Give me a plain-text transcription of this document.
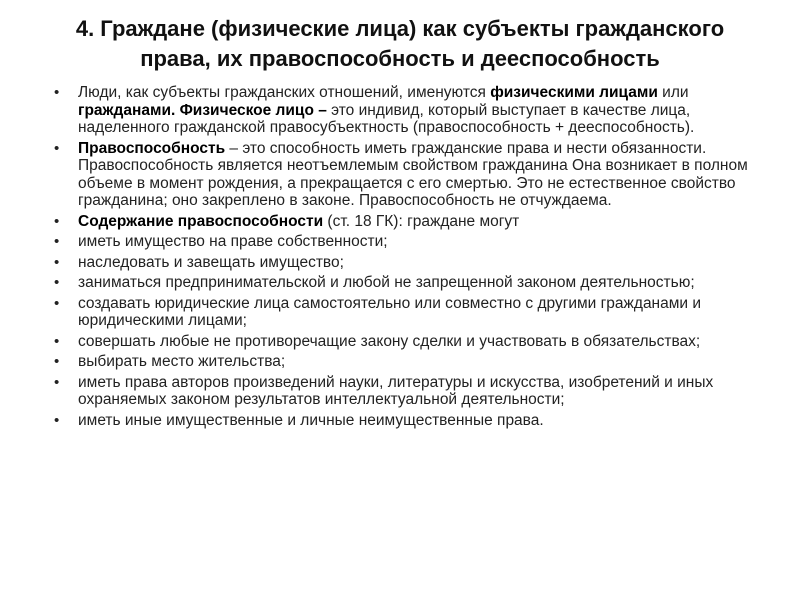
4. Граждане (физические лица) как субъекты гражданского
права, их правоспособность и дееспособность
• Люди, как субъекты гражданских отношений, именуются физическими лицами или гражданами. Физическое лицо – это индивид, который выступает в качестве лица, наделенного гражданской правосубъектность (правоспособность + дееспособность).
• Правоспособность – это способность иметь гражданские права и нести обязанности. Правоспособность является неотъемлемым свойством гражданина Она возникает в полном объеме в момент рождения, а прекращается с его смертью. Это не естественное свойство гражданина; оно закреплено в законе. Правоспособность не отчуждаема.
• Содержание правоспособности (ст. 18 ГК): граждане могут
• иметь имущество на праве собственности;
• наследовать и завещать имущество;
• заниматься предпринимательской и любой не запрещенной законом деятельностью;
• создавать юридические лица самостоятельно или совместно с другими гражданами и юридическими лицами;
• совершать любые не противоречащие закону сделки и участвовать в обязательствах;
• выбирать место жительства;
• иметь права авторов произведений науки, литературы и искусства, изобретений и иных охраняемых законом результатов интеллектуальной деятельности;
• иметь иные имущественные и личные неимущественные права.
